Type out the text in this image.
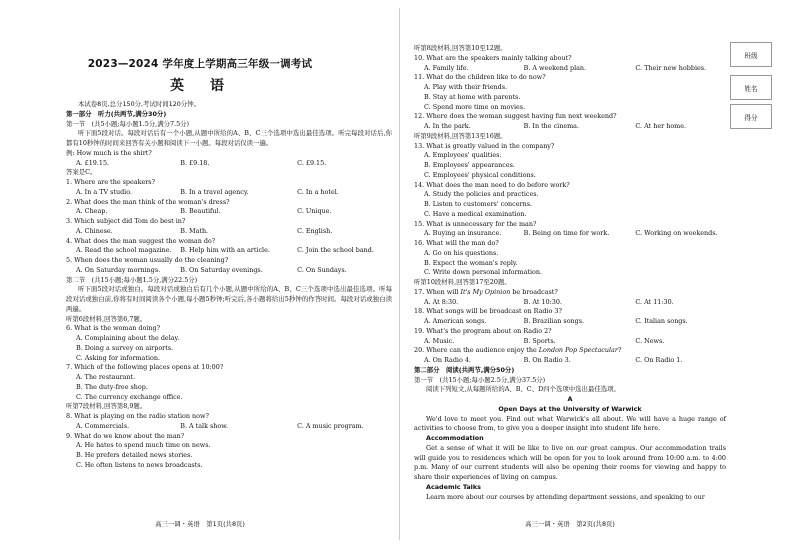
2023—2024 学年度上学期高三年级一调考试
英　语
本试卷8页,总分150分,考试时间120分钟。
第一部分　听力(共两节,满分30分)
第一节　(共5小题;每小题1.5分,满分7.5分)
听下面5段对话。每段对话后有一个小题,从题中所给的A、B、C三个选项中选出最佳选项。听完每段对话后,你都有10秒钟的时间来回答有关小题和阅读下一小题。每段对话仅读一遍。
例: How much is the shirt?
A. £19.15.	B. £9.18.	C. £9.15.
答案是C。
1. Where are the speakers?
A. In a TV studio.	B. In a travel agency.	C. In a hotel.
2. What does the man think of the woman's dress?
A. Cheap.	B. Beautiful.	C. Unique.
3. Which subject did Tom do best in?
A. Chinese.	B. Math.	C. English.
4. What does the man suggest the woman do?
A. Read the school magazine.	B. Help him with an article.	C. Join the school band.
5. When does the woman usually do the cleaning?
A. On Saturday mornings.	B. On Saturday evenings.	C. On Sundays.
第二节　(共15小题;每小题1.5分,满分22.5分)
听下面5段对话或独白。每段对话或独白后有几个小题,从题中所给的A、B、C三个选项中选出最佳选项。听每段对话或独白前,你将有时间阅读各个小题,每小题5秒钟;听完后,各小题将给出5秒钟的作答时间。每段对话或独白读两遍。
听第6段材料,回答第6,7题。
6. What is the woman doing?
A. Complaining about the delay.
B. Doing a survey on airports.
C. Asking for information.
7. Which of the following places opens at 10:00?
A. The restaurant.
B. The duty-free shop.
C. The currency exchange office.
听第7段材料,回答第8,9题。
8. What is playing on the radio station now?
A. Commercials.	B. A talk show.	C. A music program.
9. What do we know about the man?
A. He hates to spend much time on news.
B. He prefers detailed news stories.
C. He often listens to news broadcasts.
高三一调・英语　第1页(共8页)
听第8段材料,回答第10至12题。
10. What are the speakers mainly talking about?
A. Family life.	B. A weekend plan.	C. Their new hobbies.
11. What do the children like to do now?
A. Play with their friends.
B. Stay at home with parents.
C. Spend more time on movies.
12. Where does the woman suggest having fun next weekend?
A. In the park.	B. In the cinema.	C. At her home.
听第9段材料,回答第13至16题。
13. What is greatly valued in the company?
A. Employees' qualities.
B. Employees' appearances.
C. Employees' physical conditions.
14. What does the man need to do before work?
A. Study the policies and practices.
B. Listen to customers' concerns.
C. Have a medical examination.
15. What is unnecessary for the man?
A. Buying an insurance.	B. Being on time for work.	C. Working on weekends.
16. What will the man do?
A. Go on his questions.
B. Expect the woman's reply.
C. Write down personal information.
听第10段材料,回答第17至20题。
17. When will It's My Opinion be broadcast?
A. At 8:30.	B. At 10:30.	C. At 11:30.
18. What songs will be broadcast on Radio 3?
A. American songs.	B. Brazilian songs.	C. Italian songs.
19. What's the program about on Radio 2?
A. Music.	B. Sports.	C. News.
20. Where can the audience enjoy the London Pop Spectacular?
A. On Radio 4.	B. On Radio 3.	C. On Radio 1.
第二部分　阅读(共两节,满分50分)
第一节　(共15小题;每小题2.5分,满分37.5分)
阅读下列短文,从每题所给的A、B、C、D四个选项中选出最佳选项。
A
Open Days at the University of Warwick
We'd love to meet you. Find out what Warwick's all about. We will have a huge range of activities to choose from, to give you a deeper insight into student life here.
Accommodation
Get a sense of what it will be like to live on our great campus. Our accommodation trails will guide you to residences which will be open for you to look around from 10:00 a.m. to 4:00 p.m. Many of our current students will also be opening their rooms for viewing and happy to share their experiences of living on campus.
Academic Talks
Learn more about our courses by attending department sessions, and speaking to our
高三一调・英语　第2页(共8页)
班级
姓名
得分
